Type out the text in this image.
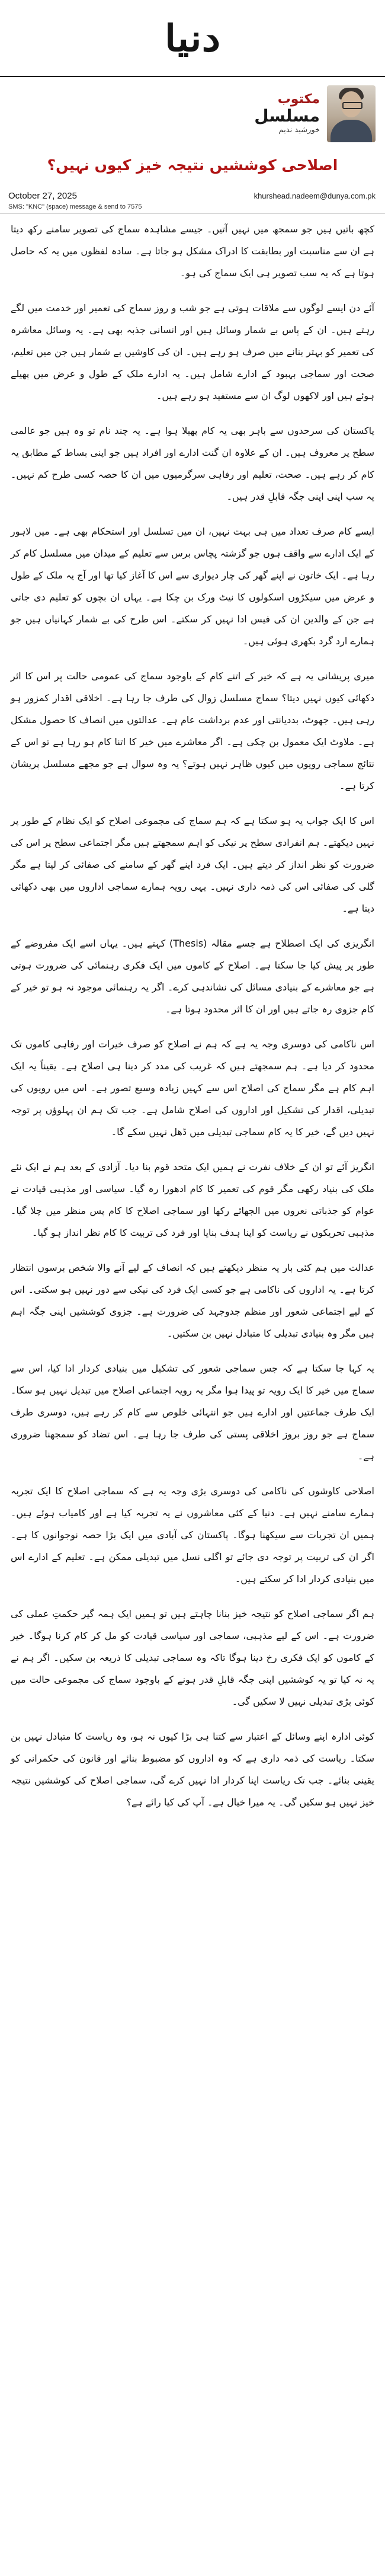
دنیا
مکتوب
مسلسل
خورشید ندیم
اصلاحی کوششیں نتیجہ خیز کیوں نہیں؟
October 27, 2025	khurshead.nadeem@dunya.com.pk
SMS: "KNC" (space) message & send to 7575

کچھ باتیں ہیں جو سمجھ میں نہیں آتیں۔ جیسے مشاہدہ سماج کی تصویر سامنے رکھ دیتا ہے ان سے مناسبت اور بطابقت کا ادراک مشکل ہو جاتا ہے۔ سادہ لفظوں میں یہ کہ حاصل ہوتا ہے کہ یہ سب تصویر ہی ایک سماج کی ہو۔

آئے دن ایسے لوگوں سے ملاقات ہوتی ہے جو شب و روز سماج کی تعمیر اور خدمت میں لگے رہتے ہیں۔ ان کے پاس بے شمار وسائل ہیں اور انسانی جذبہ بھی ہے۔ یہ وسائل معاشرہ کی تعمیر کو بہتر بنانے میں صرف ہو رہے ہیں۔ ان کی کاوشیں بے شمار ہیں جن میں تعلیم، صحت اور سماجی بہبود کے ادارے شامل ہیں۔ یہ ادارے ملک کے طول و عرض میں پھیلے ہوئے ہیں اور لاکھوں لوگ ان سے مستفید ہو رہے ہیں۔

پاکستان کی سرحدوں سے باہر بھی یہ کام پھیلا ہوا ہے۔ یہ چند نام تو وہ ہیں جو عالمی سطح پر معروف ہیں۔ ان کے علاوہ ان گنت ادارے اور افراد ہیں جو اپنی بساط کے مطابق یہ کام کر رہے ہیں۔ صحت، تعلیم اور رفاہی سرگرمیوں میں ان کا حصہ کسی طرح کم نہیں۔ یہ سب اپنی اپنی جگہ قابلِ قدر ہیں۔

ایسے کام صرف تعداد میں ہی بہت نہیں، ان میں تسلسل اور استحکام بھی ہے۔ میں لاہور کے ایک ادارے سے واقف ہوں جو گزشتہ پچاس برس سے تعلیم کے میدان میں مسلسل کام کر رہا ہے۔ ایک خاتون نے اپنے گھر کی چار دیواری سے اس کا آغاز کیا تھا اور آج یہ ملک کے طول و عرض میں سیکڑوں اسکولوں کا نیٹ ورک بن چکا ہے۔ یہاں ان بچوں کو تعلیم دی جاتی ہے جن کے والدین ان کی فیس ادا نہیں کر سکتے۔ اس طرح کی بے شمار کہانیاں ہیں جو ہمارے ارد گرد بکھری ہوئی ہیں۔

میری پریشانی یہ ہے کہ خیر کے اتنے کام کے باوجود سماج کی عمومی حالت پر اس کا اثر دکھائی کیوں نہیں دیتا؟ سماج مسلسل زوال کی طرف جا رہا ہے۔ اخلاقی اقدار کمزور ہو رہی ہیں۔ جھوٹ، بددیانتی اور عدم برداشت عام ہے۔ عدالتوں میں انصاف کا حصول مشکل ہے۔ ملاوٹ ایک معمول بن چکی ہے۔ اگر معاشرے میں خیر کا اتنا کام ہو رہا ہے تو اس کے نتائج سماجی رویوں میں کیوں ظاہر نہیں ہوتے؟ یہ وہ سوال ہے جو مجھے مسلسل پریشان کرتا ہے۔

اس کا ایک جواب یہ ہو سکتا ہے کہ ہم سماج کی مجموعی اصلاح کو ایک نظام کے طور پر نہیں دیکھتے۔ ہم انفرادی سطح پر نیکی کو اہم سمجھتے ہیں مگر اجتماعی سطح پر اس کی ضرورت کو نظر انداز کر دیتے ہیں۔ ایک فرد اپنے گھر کے سامنے کی صفائی کر لیتا ہے مگر گلی کی صفائی اس کی ذمہ داری نہیں۔ یہی رویہ ہمارے سماجی اداروں میں بھی دکھائی دیتا ہے۔

انگریزی کی ایک اصطلاح ہے جسے مقالہ (Thesis) کہتے ہیں۔ یہاں اسے ایک مفروضے کے طور پر پیش کیا جا سکتا ہے۔ اصلاح کے کاموں میں ایک فکری رہنمائی کی ضرورت ہوتی ہے جو معاشرے کے بنیادی مسائل کی نشاندہی کرے۔ اگر یہ رہنمائی موجود نہ ہو تو خیر کے کام جزوی رہ جاتے ہیں اور ان کا اثر محدود ہوتا ہے۔

اس ناکامی کی دوسری وجہ یہ ہے کہ ہم نے اصلاح کو صرف خیرات اور رفاہی کاموں تک محدود کر دیا ہے۔ ہم سمجھتے ہیں کہ غریب کی مدد کر دینا ہی اصلاح ہے۔ یقیناً یہ ایک اہم کام ہے مگر سماج کی اصلاح اس سے کہیں زیادہ وسیع تصور ہے۔ اس میں رویوں کی تبدیلی، اقدار کی تشکیل اور اداروں کی اصلاح شامل ہے۔ جب تک ہم ان پہلوؤں پر توجہ نہیں دیں گے، خیر کا یہ کام سماجی تبدیلی میں ڈھل نہیں سکے گا۔

انگریز آئے تو ان کے خلاف نفرت نے ہمیں ایک متحد قوم بنا دیا۔ آزادی کے بعد ہم نے ایک نئے ملک کی بنیاد رکھی مگر قوم کی تعمیر کا کام ادھورا رہ گیا۔ سیاسی اور مذہبی قیادت نے عوام کو جذباتی نعروں میں الجھائے رکھا اور سماجی اصلاح کا کام پس منظر میں چلا گیا۔ مذہبی تحریکوں نے ریاست کو اپنا ہدف بنایا اور فرد کی تربیت کا کام نظر انداز ہو گیا۔

عدالت میں ہم کئی بار یہ منظر دیکھتے ہیں کہ انصاف کے لیے آنے والا شخص برسوں انتظار کرتا ہے۔ یہ اداروں کی ناکامی ہے جو کسی ایک فرد کی نیکی سے دور نہیں ہو سکتی۔ اس کے لیے اجتماعی شعور اور منظم جدوجہد کی ضرورت ہے۔ جزوی کوششیں اپنی جگہ اہم ہیں مگر وہ بنیادی تبدیلی کا متبادل نہیں بن سکتیں۔

یہ کہا جا سکتا ہے کہ جس سماجی شعور کی تشکیل میں بنیادی کردار ادا کیا، اس سے سماج میں خیر کا ایک رویہ تو پیدا ہوا مگر یہ رویہ اجتماعی اصلاح میں تبدیل نہیں ہو سکا۔ ایک طرف جماعتیں اور ادارے ہیں جو انتہائی خلوص سے کام کر رہے ہیں، دوسری طرف سماج ہے جو روز بروز اخلاقی پستی کی طرف جا رہا ہے۔ اس تضاد کو سمجھنا ضروری ہے۔

اصلاحی کاوشوں کی ناکامی کی دوسری بڑی وجہ یہ ہے کہ سماجی اصلاح کا ایک تجربہ ہمارے سامنے نہیں ہے۔ دنیا کے کئی معاشروں نے یہ تجربہ کیا ہے اور کامیاب ہوئے ہیں۔ ہمیں ان تجربات سے سیکھنا ہوگا۔ پاکستان کی آبادی میں ایک بڑا حصہ نوجوانوں کا ہے۔ اگر ان کی تربیت پر توجہ دی جائے تو اگلی نسل میں تبدیلی ممکن ہے۔ تعلیم کے ادارے اس میں بنیادی کردار ادا کر سکتے ہیں۔

ہم اگر سماجی اصلاح کو نتیجہ خیز بنانا چاہتے ہیں تو ہمیں ایک ہمہ گیر حکمتِ عملی کی ضرورت ہے۔ اس کے لیے مذہبی، سماجی اور سیاسی قیادت کو مل کر کام کرنا ہوگا۔ خیر کے کاموں کو ایک فکری رخ دینا ہوگا تاکہ وہ سماجی تبدیلی کا ذریعہ بن سکیں۔ اگر ہم نے یہ نہ کیا تو یہ کوششیں اپنی جگہ قابلِ قدر ہونے کے باوجود سماج کی مجموعی حالت میں کوئی بڑی تبدیلی نہیں لا سکیں گی۔

کوئی ادارہ اپنے وسائل کے اعتبار سے کتنا ہی بڑا کیوں نہ ہو، وہ ریاست کا متبادل نہیں بن سکتا۔ ریاست کی ذمہ داری ہے کہ وہ اداروں کو مضبوط بنائے اور قانون کی حکمرانی کو یقینی بنائے۔ جب تک ریاست اپنا کردار ادا نہیں کرے گی، سماجی اصلاح کی کوششیں نتیجہ خیز نہیں ہو سکیں گی۔ یہ میرا خیال ہے۔ آپ کی کیا رائے ہے؟
